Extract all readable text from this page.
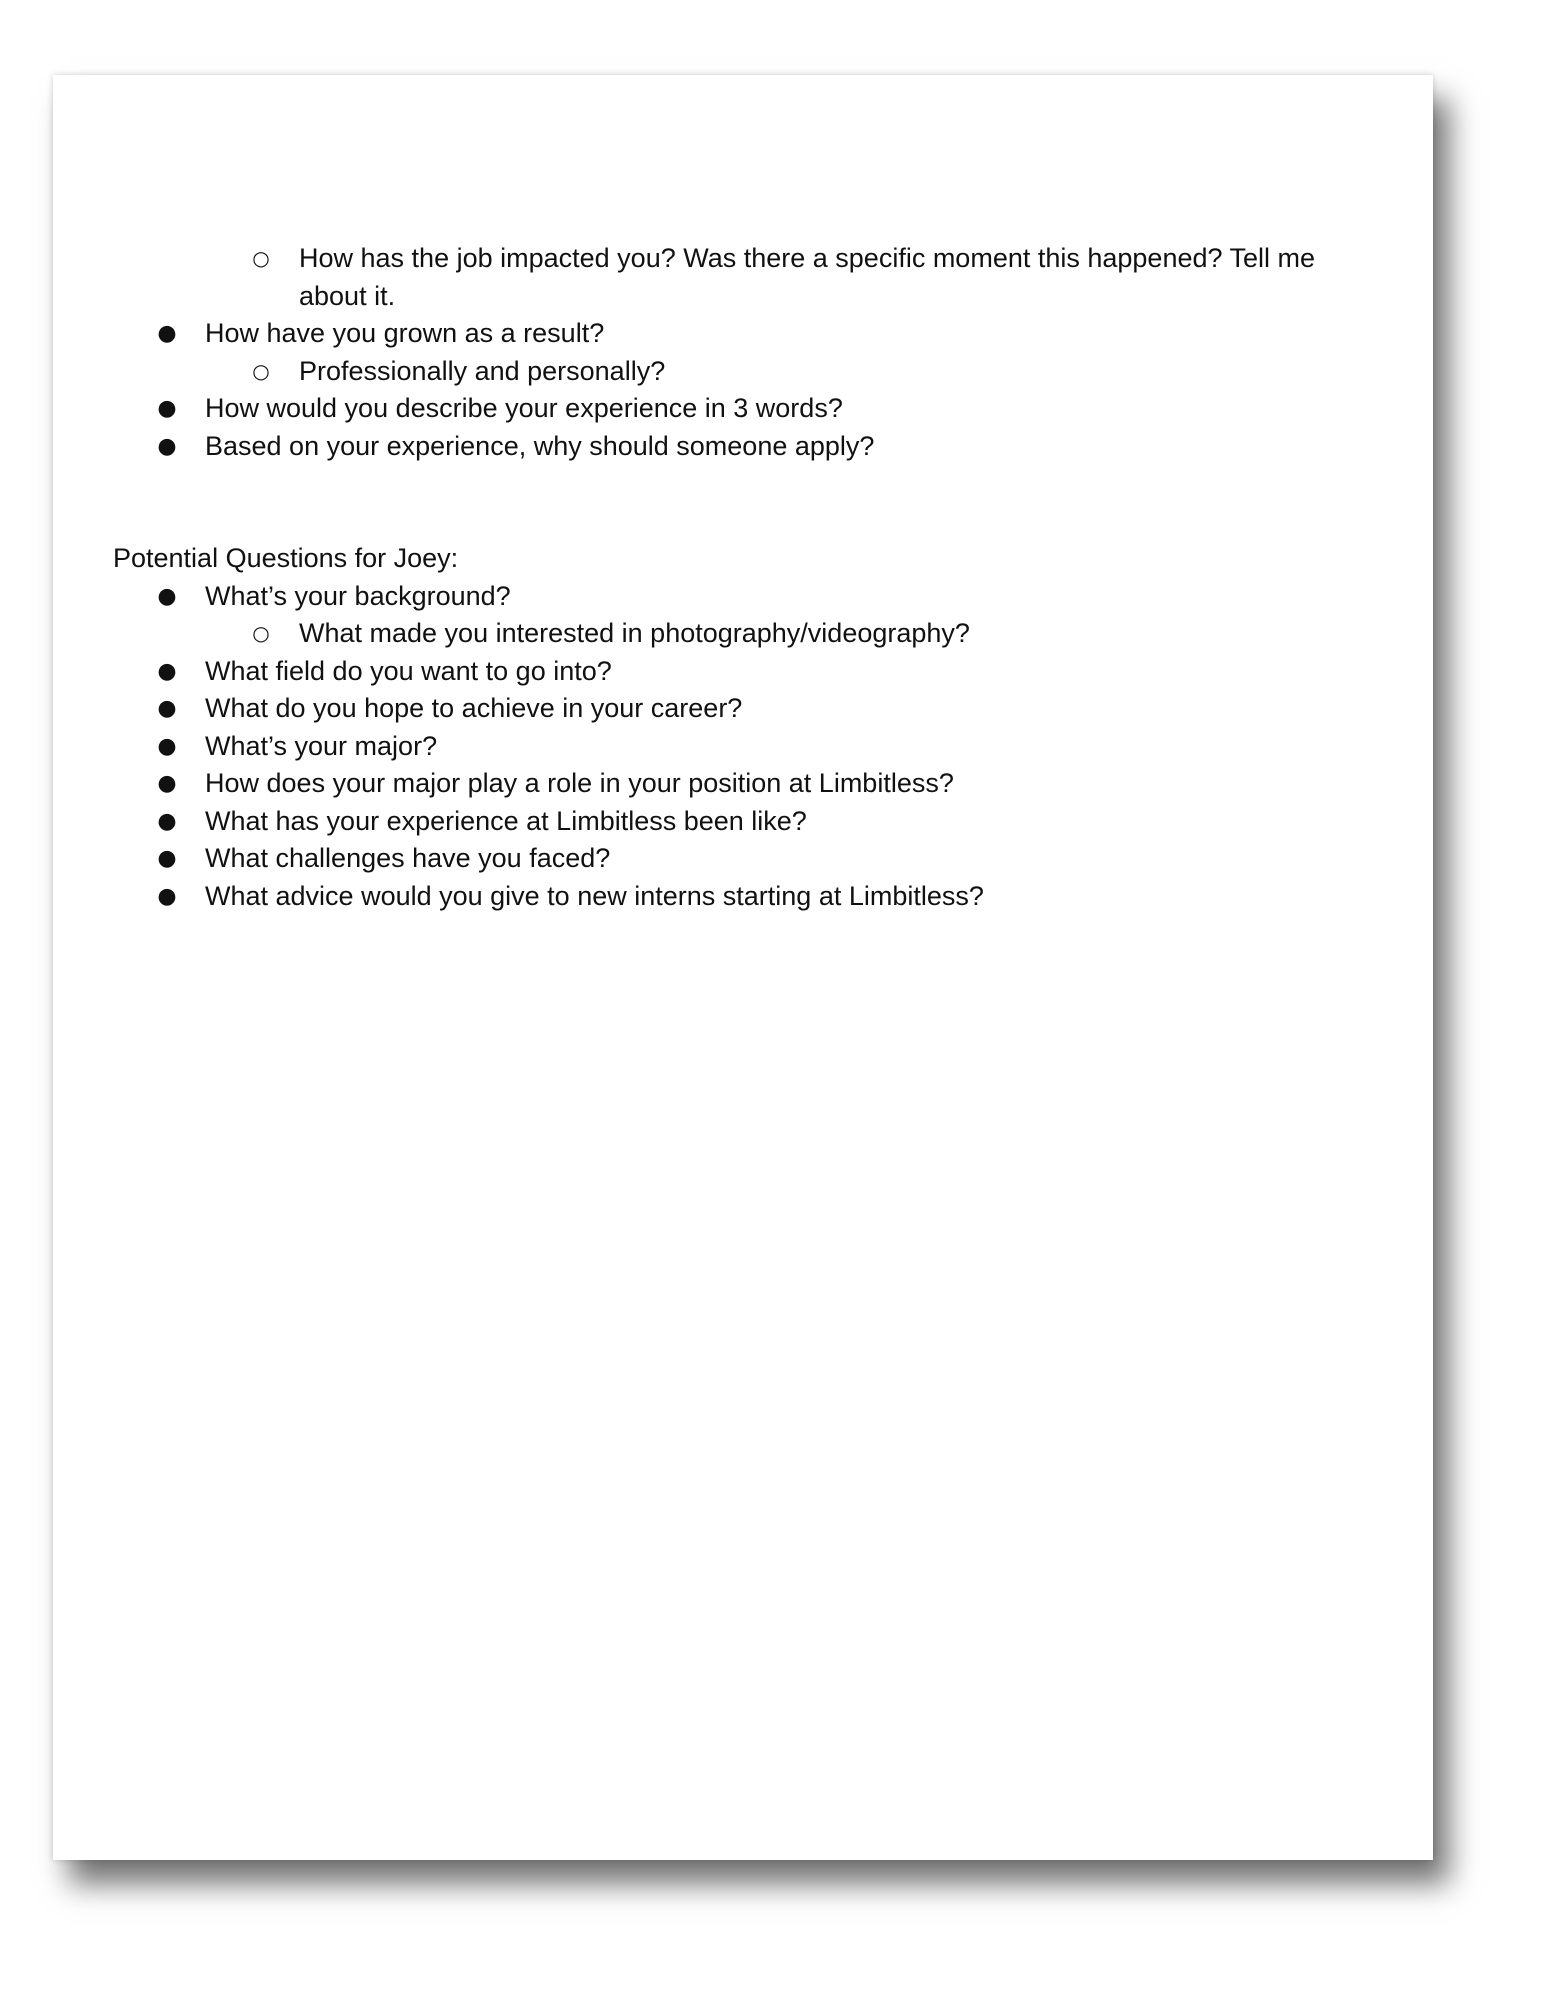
○ How has the job impacted you? Was there a specific moment this happened? Tell me about it.
● How have you grown as a result?
○ Professionally and personally?
● How would you describe your experience in 3 words?
● Based on your experience, why should someone apply?

Potential Questions for Joey:

● What’s your background?
○ What made you interested in photography/videography?
● What field do you want to go into?
● What do you hope to achieve in your career?
● What’s your major?
● How does your major play a role in your position at Limbitless?
● What has your experience at Limbitless been like?
● What challenges have you faced?
● What advice would you give to new interns starting at Limbitless?
